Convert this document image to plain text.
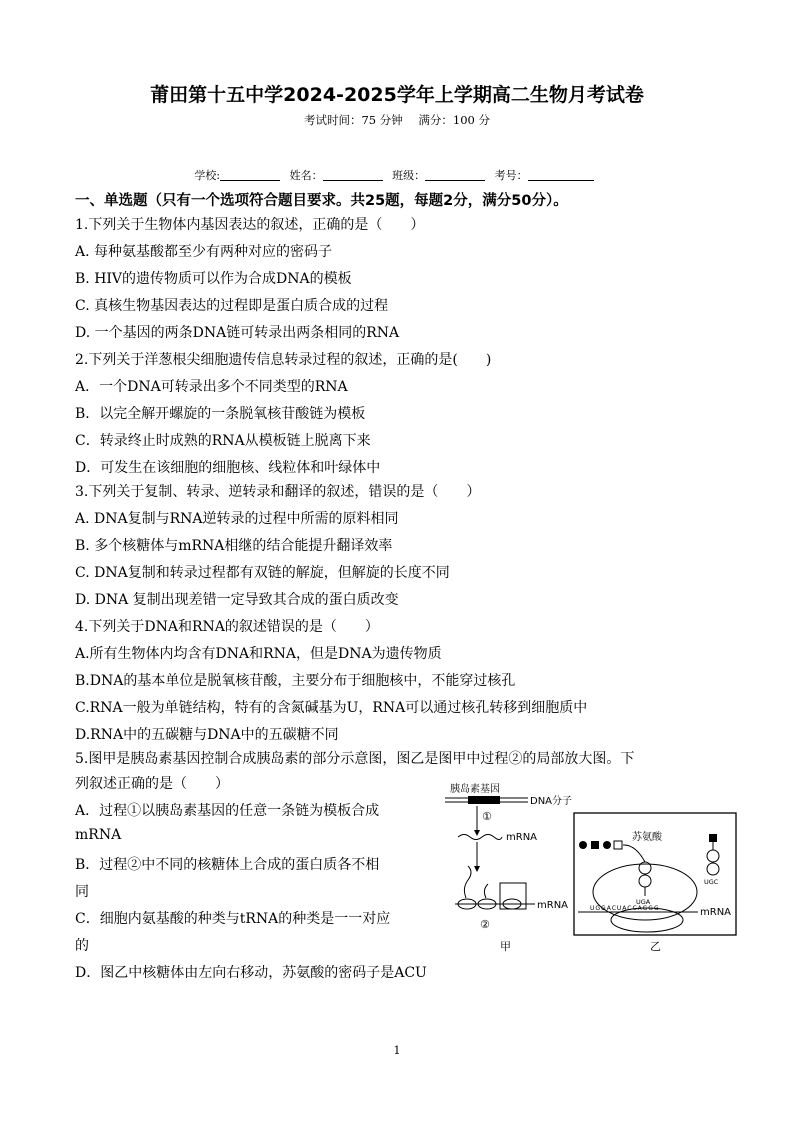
莆田第十五中学2024-2025学年上学期高二生物月考试卷
考试时间：75 分钟 满分：100 分
学校:	姓名：	班级：	考号：
一、单选题（只有一个选项符合题目要求。共25题，每题2分，满分50分）。
1.下列关于生物体内基因表达的叙述，正确的是（　　）
A. 每种氨基酸都至少有两种对应的密码子
B. HIV的遗传物质可以作为合成DNA的模板
C. 真核生物基因表达的过程即是蛋白质合成的过程
D. 一个基因的两条DNA链可转录出两条相同的RNA
2.下列关于洋葱根尖细胞遗传信息转录过程的叙述，正确的是(　　)
A．一个DNA可转录出多个不同类型的RNA
B．以完全解开螺旋的一条脱氧核苷酸链为模板
C．转录终止时成熟的RNA从模板链上脱离下来
D．可发生在该细胞的细胞核、线粒体和叶绿体中
3.下列关于复制、转录、逆转录和翻译的叙述，错误的是（　　）
A. DNA复制与RNA逆转录的过程中所需的原料相同
B. 多个核糖体与mRNA相继的结合能提升翻译效率
C. DNA复制和转录过程都有双链的解旋，但解旋的长度不同
D. DNA 复制出现差错一定导致其合成的蛋白质改变
4.下列关于DNA和RNA的叙述错误的是（　　）
A.所有生物体内均含有DNA和RNA，但是DNA为遗传物质
B.DNA的基本单位是脱氧核苷酸，主要分布于细胞核中，不能穿过核孔
C.RNA一般为单链结构，特有的含氮碱基为U，RNA可以通过核孔转移到细胞质中
D.RNA中的五碳糖与DNA中的五碳糖不同
5.图甲是胰岛素基因控制合成胰岛素的部分示意图，图乙是图甲中过程②的局部放大图。下
列叙述正确的是（　　）
A．过程①以胰岛素基因的任意一条链为模板合成
mRNA
B．过程②中不同的核糖体上合成的蛋白质各不相
同
C．细胞内氨基酸的种类与tRNA的种类是一一对应
的
D．图乙中核糖体由左向右移动，苏氨酸的密码子是ACU
胰岛素基因
DNA分子
①
mRNA
mRNA
②
甲
苏氨酸
UGA
UGC
UGGACUACCAGGG	mRNA
乙
1
